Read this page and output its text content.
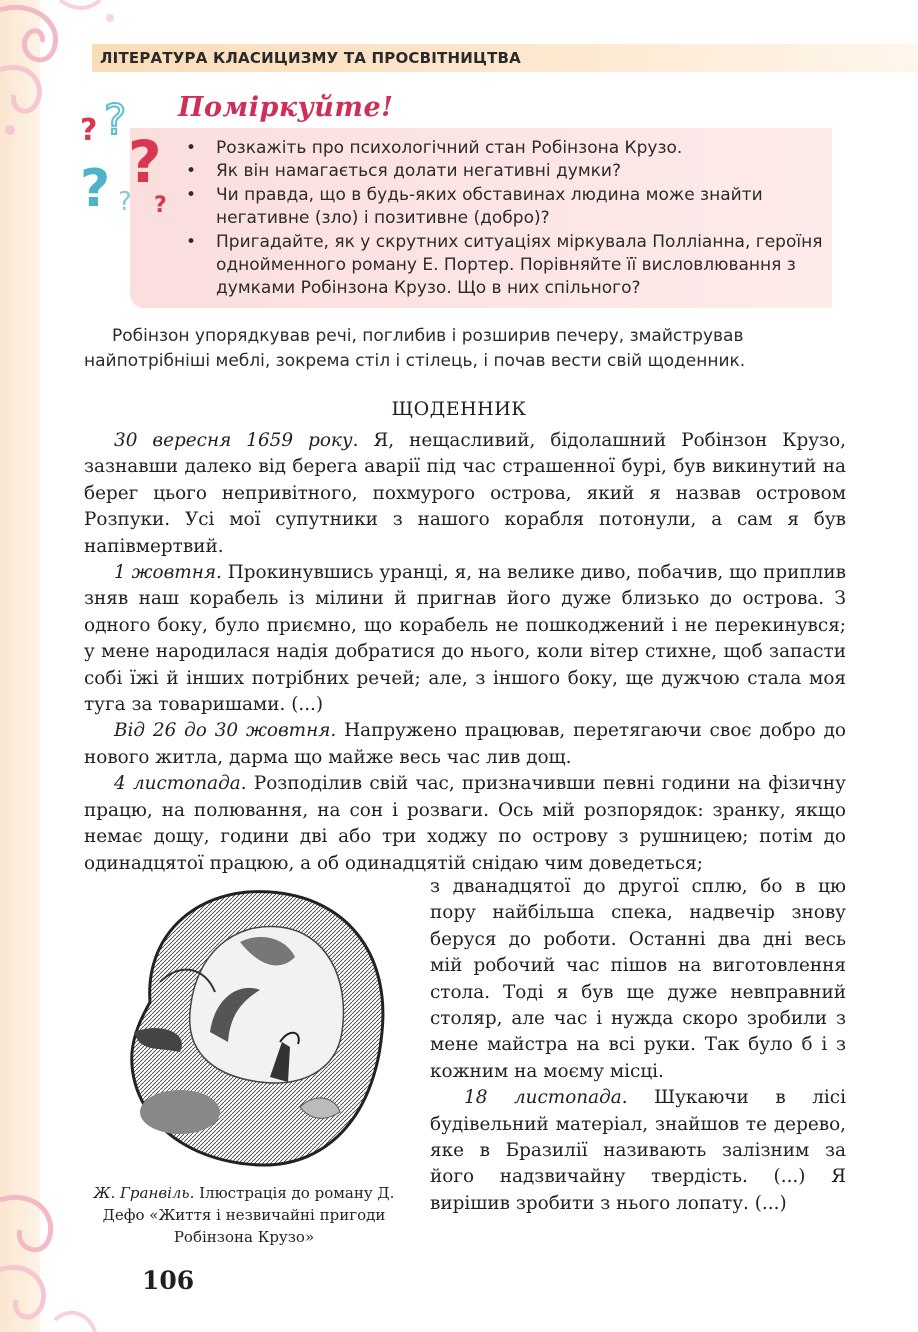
ЛІТЕРАТУРА КЛАСИЦИЗМУ ТА ПРОСВІТНИЦТВА
? ?
?
? ? ?
Поміркуйте!
• Розкажіть про психологічний стан Робінзона Крузо.
• Як він намагається долати негативні думки?
• Чи правда, що в будь-яких обставинах людина може знайти негативне (зло) і позитивне (добро)?
• Пригадайте, як у скрутних ситуаціях міркувала Полліанна, героїня однойменного роману Е. Портер. Порівняйте її висловлювання з думками Робінзона Крузо. Що в них спільного?

Робінзон упорядкував речі, поглибив і розширив печеру, змайстрував найпотрібніші меблі, зокрема стіл і стілець, і почав вести свій щоденник.

ЩОДЕННИК

30 вересня 1659 року. Я, нещасливий, бідолашний Робінзон Крузо, зазнавши далеко від берега аварії під час страшенної бурі, був викинутий на берег цього непривітного, похмурого острова, який я назвав островом Розпуки. Усі мої супутники з нашого корабля потонули, а сам я був напівмертвий.

1 жовтня. Прокинувшись уранці, я, на велике диво, побачив, що приплив зняв наш корабель із мілини й пригнав його дуже близько до острова. З одного боку, було приємно, що корабель не пошкоджений і не перекинувся; у мене народилася надія добратися до нього, коли вітер стихне, щоб запасти собі їжі й інших потрібних речей; але, з іншого боку, ще дужчою стала моя туга за товаришами. (...)

Від 26 до 30 жовтня. Напружено працював, перетягаючи своє добро до нового житла, дарма що майже весь час лив дощ.

4 листопада. Розподілив свій час, призначивши певні години на фізичну працю, на полювання, на сон і розваги. Ось мій розпорядок: зранку, якщо немає дощу, години дві або три ходжу по острову з рушницею; потім до одинадцятої працюю, а об одинадцятій снідаю чим доведеться;

Ж. Гранвіль. Ілюстрація до роману Д. Дефо «Життя і незвичайні пригоди Робінзона Крузо»

з дванадцятої до другої сплю, бо в цю пору найбільша спека, надвечір знову беруся до роботи. Останні два дні весь мій робочий час пішов на виготовлення стола. Тоді я був ще дуже невправний столяр, але час і нужда скоро зробили з мене майстра на всі руки. Так було б і з кожним на моєму місці.

18 листопада. Шукаючи в лісі будівельний матеріал, знайшов те дерево, яке в Бразилії називають залізним за його надзвичайну твердість. (...) Я вирішив зробити з нього лопату. (...)

106
